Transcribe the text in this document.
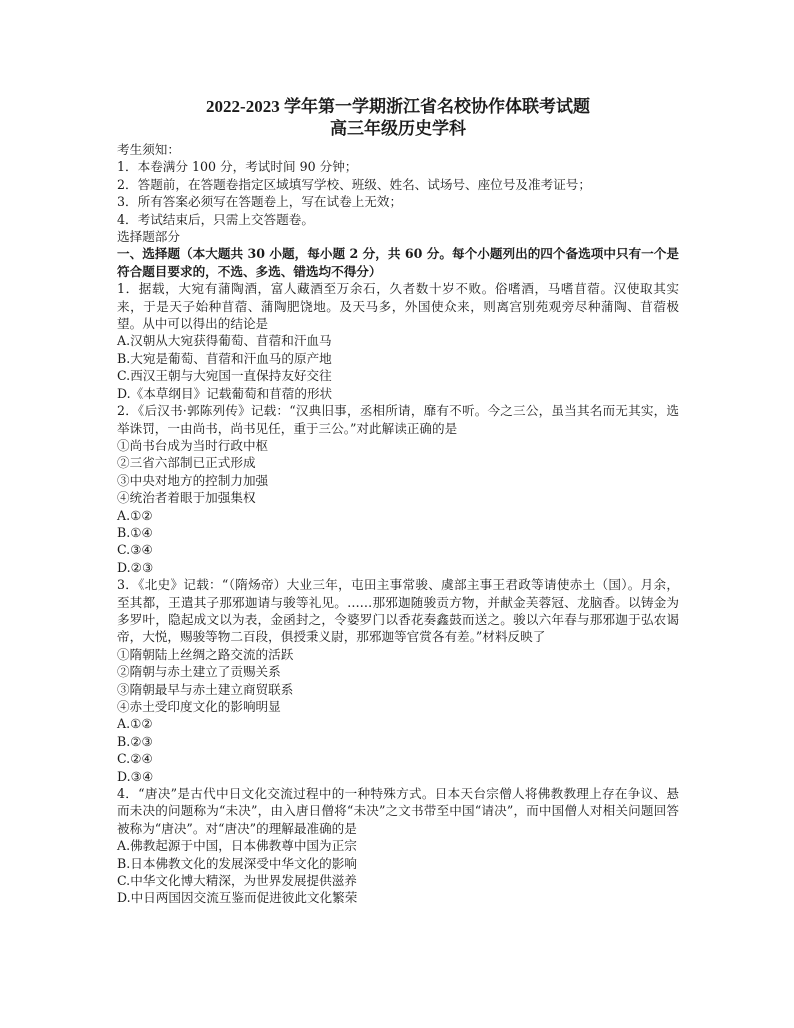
2022-2023 学年第一学期浙江省名校协作体联考试题

高三年级历史学科

考生须知：

1．本卷满分 100 分，考试时间 90 分钟；

2．答题前，在答题卷指定区域填写学校、班级、姓名、试场号、座位号及准考证号；

3．所有答案必须写在答题卷上，写在试卷上无效；

4．考试结束后，只需上交答题卷。

选择题部分

一、选择题（本大题共 30 小题，每小题 2 分，共 60 分。每个小题列出的四个备选项中只有一个是符合题目要求的，不选、多选、错选均不得分）

1．据载，大宛有蒲陶酒，富人藏酒至万余石，久者数十岁不败。俗嗜酒，马嗜苜蓿。汉使取其实来，于是天子始种苜蓿、蒲陶肥饶地。及天马多，外国使众来，则离宫别苑观旁尽种蒲陶、苜蓿极望。从中可以得出的结论是

A.汉朝从大宛获得葡萄、苜蓿和汗血马

B.大宛是葡萄、苜蓿和汗血马的原产地

C.西汉王朝与大宛国一直保持友好交往

D.《本草纲目》记载葡萄和苜蓿的形状

2．《后汉书·郭陈列传》记载：“汉典旧事，丞相所请，靡有不听。今之三公，虽当其名而无其实，选举诛罚，一由尚书，尚书见任，重于三公。”对此解读正确的是

①尚书台成为当时行政中枢

②三省六部制已正式形成

③中央对地方的控制力加强

④统治者着眼于加强集权

A.①②

B.①④

C.③④

D.②③

3．《北史》记载：“（隋炀帝）大业三年，屯田主事常骏、虞部主事王君政等请使赤土（国）。月余，至其都，王遣其子那邪迦请与骏等礼见。……那邪迦随骏贡方物，并献金芙蓉冠、龙脑香。以铸金为多罗叶，隐起成文以为表，金函封之，令婆罗门以香花奏鑫鼓而送之。骏以六年春与那邪迦于弘农谒帝，大悦，赐骏等物二百段，俱授秉义尉，那邪迦等官赏各有差。”材料反映了

①隋朝陆上丝绸之路交流的活跃

②隋朝与赤土建立了贡赐关系

③隋朝最早与赤土建立商贸联系

④赤土受印度文化的影响明显

A.①②

B.②③

C.②④

D.③④

4．“唐决”是古代中日文化交流过程中的一种特殊方式。日本天台宗僧人将佛教教理上存在争议、悬而未决的问题称为“未决”，由入唐日僧将“未决”之文书带至中国“请决”，而中国僧人对相关问题回答被称为“唐决”。对“唐决”的理解最准确的是

A.佛教起源于中国，日本佛教尊中国为正宗

B.日本佛教文化的发展深受中华文化的影响

C.中华文化博大精深，为世界发展提供滋养

D.中日两国因交流互鉴而促进彼此文化繁荣
